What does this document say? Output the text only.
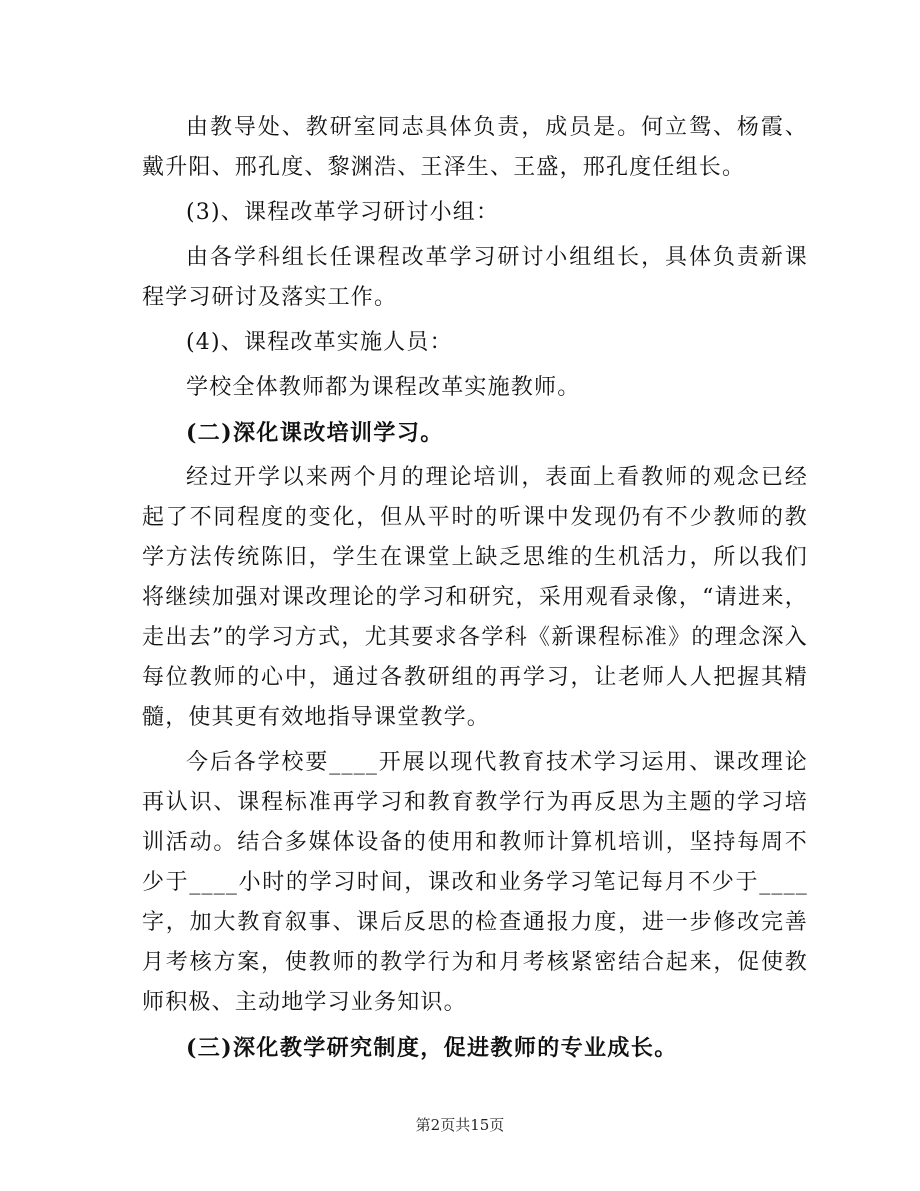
由教导处、教研室同志具体负责，成员是。何立鸳、杨霞、戴升阳、邢孔度、黎渊浩、王泽生、王盛，邢孔度任组长。

(3)、课程改革学习研讨小组：

由各学科组长任课程改革学习研讨小组组长，具体负责新课程学习研讨及落实工作。

(4)、课程改革实施人员：

学校全体教师都为课程改革实施教师。

(二)深化课改培训学习。

经过开学以来两个月的理论培训，表面上看教师的观念已经起了不同程度的变化，但从平时的听课中发现仍有不少教师的教学方法传统陈旧，学生在课堂上缺乏思维的生机活力，所以我们将继续加强对课改理论的学习和研究，采用观看录像，“请进来，走出去”的学习方式，尤其要求各学科《新课程标准》的理念深入每位教师的心中，通过各教研组的再学习，让老师人人把握其精髓，使其更有效地指导课堂教学。

今后各学校要____开展以现代教育技术学习运用、课改理论再认识、课程标准再学习和教育教学行为再反思为主题的学习培训活动。结合多媒体设备的使用和教师计算机培训，坚持每周不少于____小时的学习时间，课改和业务学习笔记每月不少于____字，加大教育叙事、课后反思的检查通报力度，进一步修改完善月考核方案，使教师的教学行为和月考核紧密结合起来，促使教师积极、主动地学习业务知识。

(三)深化教学研究制度，促进教师的专业成长。

第2页共15页
